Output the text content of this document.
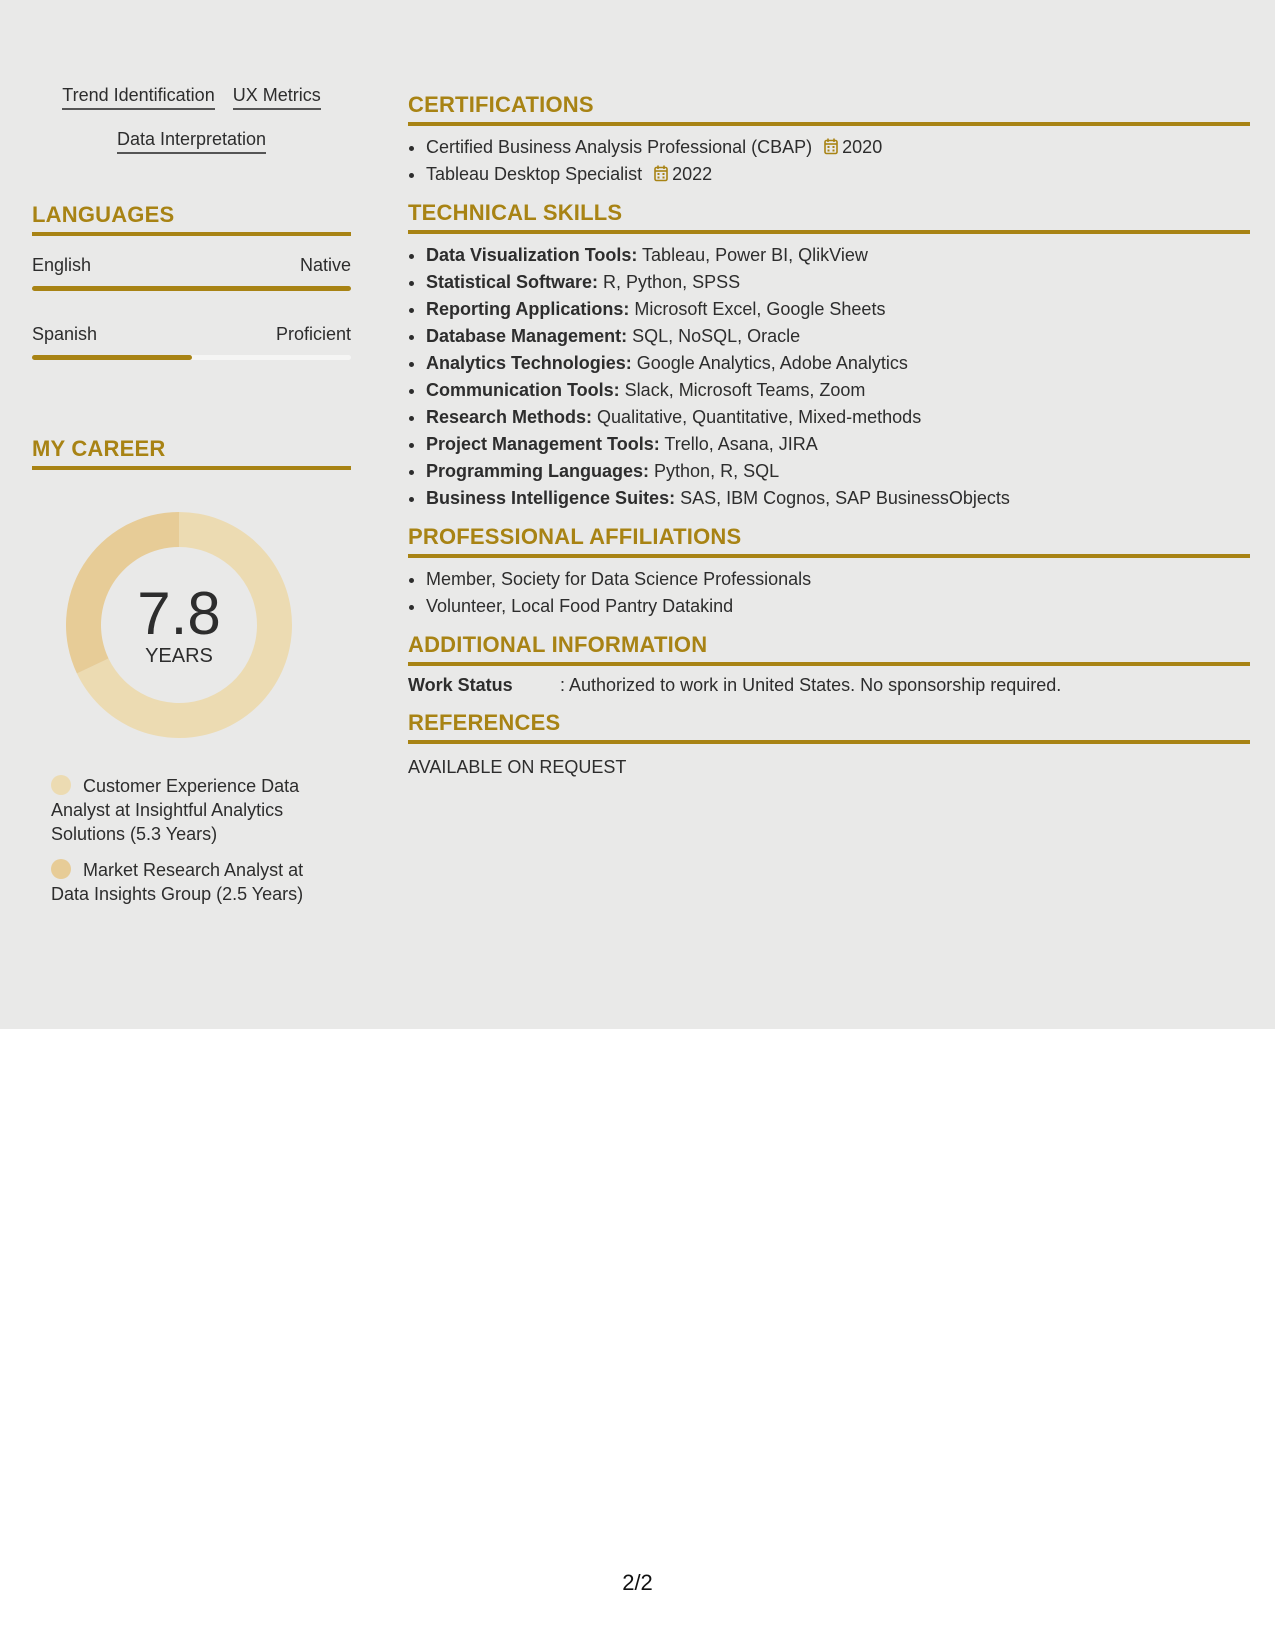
Trend Identification UX Metrics
Data Interpretation
LANGUAGES
English	Native
Spanish	Proficient
MY CAREER
7.8
YEARS
Customer Experience Data Analyst at Insightful Analytics Solutions (5.3 Years)
Market Research Analyst at Data Insights Group (2.5 Years)
CERTIFICATIONS
• Certified Business Analysis Professional (CBAP) 2020
• Tableau Desktop Specialist 2022
TECHNICAL SKILLS
• Data Visualization Tools: Tableau, Power BI, QlikView
• Statistical Software: R, Python, SPSS
• Reporting Applications: Microsoft Excel, Google Sheets
• Database Management: SQL, NoSQL, Oracle
• Analytics Technologies: Google Analytics, Adobe Analytics
• Communication Tools: Slack, Microsoft Teams, Zoom
• Research Methods: Qualitative, Quantitative, Mixed-methods
• Project Management Tools: Trello, Asana, JIRA
• Programming Languages: Python, R, SQL
• Business Intelligence Suites: SAS, IBM Cognos, SAP BusinessObjects
PROFESSIONAL AFFILIATIONS
• Member, Society for Data Science Professionals
• Volunteer, Local Food Pantry Datakind
ADDITIONAL INFORMATION
Work Status	: Authorized to work in United States. No sponsorship required.
REFERENCES
AVAILABLE ON REQUEST
2/2
